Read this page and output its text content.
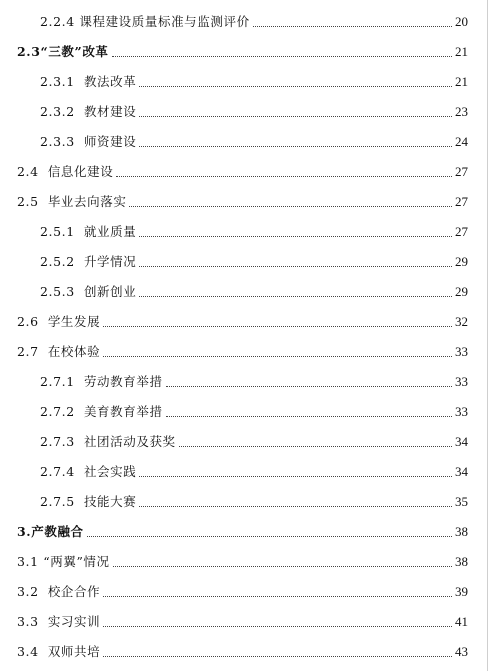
2.2.4 课程建设质量标准与监测评价	20
2.3“三教”改革	21
2.3.1  教法改革	21
2.3.2  教材建设	23
2.3.3  师资建设	24
2.4  信息化建设	27
2.5  毕业去向落实	27
2.5.1  就业质量	27
2.5.2  升学情况	29
2.5.3  创新创业	29
2.6  学生发展	32
2.7  在校体验	33
2.7.1  劳动教育举措	33
2.7.2  美育教育举措	33
2.7.3  社团活动及获奖	34
2.7.4  社会实践	34
2.7.5  技能大赛	35
3.产教融合	38
3.1 “两翼”情况	38
3.2  校企合作	39
3.3  实习实训	41
3.4  双师共培	43
